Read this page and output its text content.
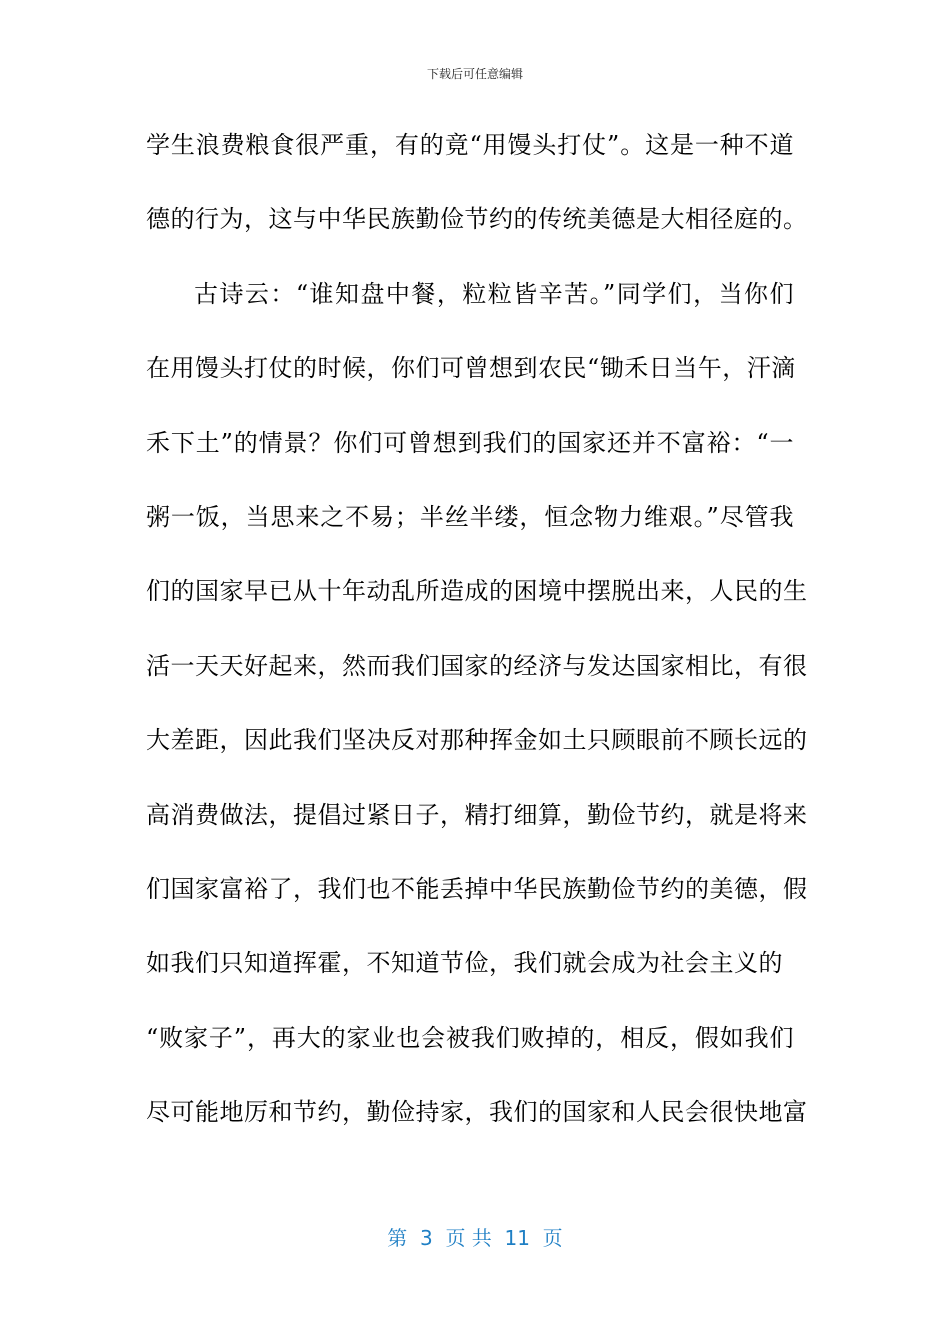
下载后可任意编辑
学生浪费粮食很严重，有的竟“用馒头打仗”。这是一种不道
德的行为，这与中华民族勤俭节约的传统美德是大相径庭的。
古诗云：“谁知盘中餐，粒粒皆辛苦。”同学们，当你们
在用馒头打仗的时候，你们可曾想到农民“锄禾日当午，汗滴
禾下土”的情景？你们可曾想到我们的国家还并不富裕：“一
粥一饭，当思来之不易；半丝半缕，恒念物力维艰。”尽管我
们的国家早已从十年动乱所造成的困境中摆脱出来，人民的生
活一天天好起来，然而我们国家的经济与发达国家相比，有很
大差距，因此我们坚决反对那种挥金如土只顾眼前不顾长远的
高消费做法，提倡过紧日子，精打细算，勤俭节约，就是将来
们国家富裕了，我们也不能丢掉中华民族勤俭节约的美德，假
如我们只知道挥霍，不知道节俭，我们就会成为社会主义的
“败家子”，再大的家业也会被我们败掉的，相反，假如我们
尽可能地厉和节约，勤俭持家，我们的国家和人民会很快地富
第  3  页 共  11  页
